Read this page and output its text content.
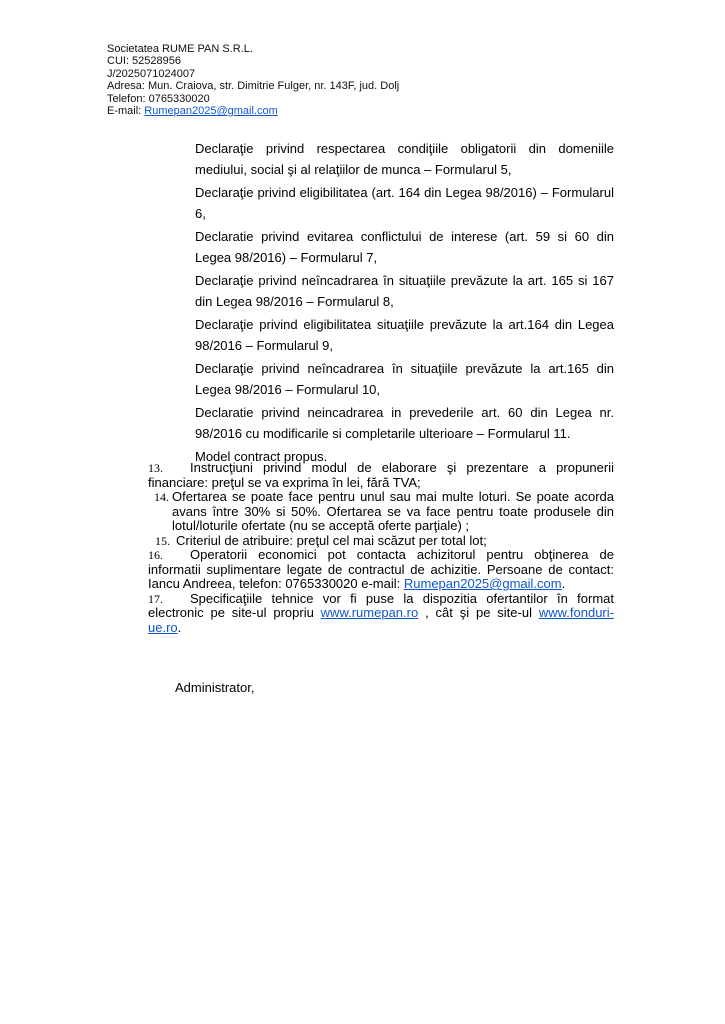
Societatea RUME PAN S.R.L.
CUI: 52528956
J/2025071024007
Adresa: Mun. Craiova, str. Dimitrie Fulger, nr. 143F, jud. Dolj
Telefon: 0765330020
E-mail: Rumepan2025@gmail.com
Declaraţie privind respectarea condiţiile obligatorii din domeniile mediului, social şi al relaţiilor de munca – Formularul 5,
Declaraţie privind eligibilitatea (art. 164 din Legea 98/2016) – Formularul 6,
Declaratie privind evitarea conflictului de interese (art. 59 si 60 din Legea 98/2016) – Formularul 7,
Declaraţie privind neîncadrarea în situaţiile prevăzute la art. 165 si 167 din Legea 98/2016 – Formularul 8,
Declaraţie privind eligibilitatea situaţiile prevăzute la art.164 din Legea 98/2016 – Formularul 9,
Declaraţie privind neîncadrarea în situaţiile prevăzute la art.165 din Legea 98/2016 – Formularul 10,
Declaratie privind neincadrarea in prevederile art. 60 din Legea nr. 98/2016 cu modificarile si completarile ulterioare – Formularul 11.
Model contract propus.
13. Instrucţiuni privind modul de elaborare şi prezentare a propunerii financiare: preţul se va exprima în lei, fără TVA;
14. Ofertarea se poate face pentru unul sau mai multe loturi. Se poate acorda avans între 30% si 50%. Ofertarea se va face pentru toate produsele din lotul/loturile ofertate (nu se acceptă oferte parţiale) ;
15. Criteriul de atribuire: preţul cel mai scăzut per total lot;
16. Operatorii economici pot contacta achizitorul pentru obţinerea de informatii suplimentare legate de contractul de achizitie. Persoane de contact: Iancu Andreea, telefon: 0765330020 e-mail: Rumepan2025@gmail.com.
17. Specificaţiile tehnice vor fi puse la dispozitia ofertantilor în format electronic pe site-ul propriu www.rumepan.ro , cât şi pe site-ul www.fonduri-ue.ro.
Administrator,
